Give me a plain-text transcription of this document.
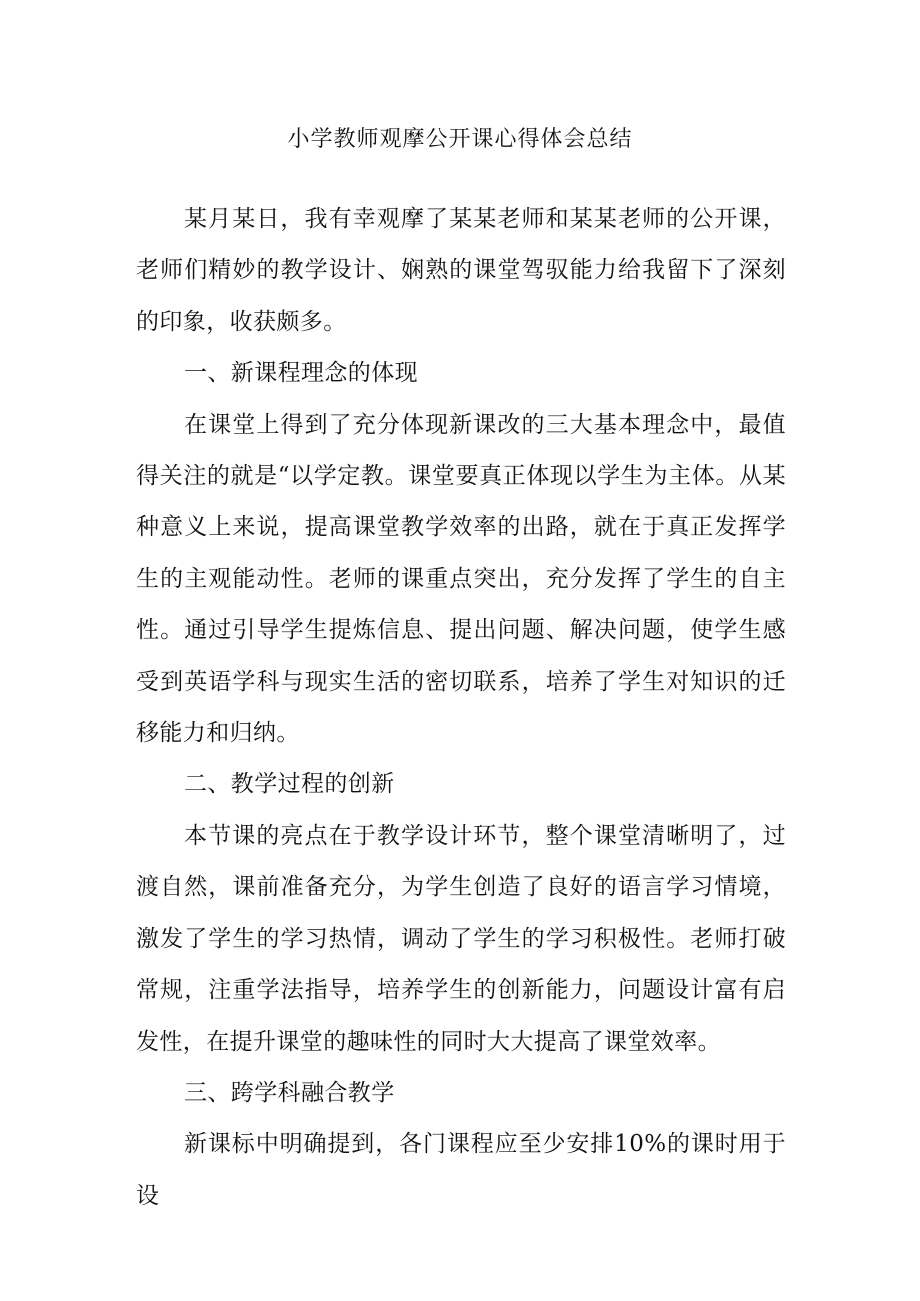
小学教师观摩公开课心得体会总结

某月某日，我有幸观摩了某某老师和某某老师的公开课，老师们精妙的教学设计、娴熟的课堂驾驭能力给我留下了深刻的印象，收获颇多。

一、新课程理念的体现

在课堂上得到了充分体现新课改的三大基本理念中，最值得关注的就是“以学定教。课堂要真正体现以学生为主体。从某种意义上来说，提高课堂教学效率的出路，就在于真正发挥学生的主观能动性。老师的课重点突出，充分发挥了学生的自主性。通过引导学生提炼信息、提出问题、解决问题，使学生感受到英语学科与现实生活的密切联系，培养了学生对知识的迁移能力和归纳。

二、教学过程的创新

本节课的亮点在于教学设计环节，整个课堂清晰明了，过渡自然，课前准备充分，为学生创造了良好的语言学习情境，激发了学生的学习热情，调动了学生的学习积极性。老师打破常规，注重学法指导，培养学生的创新能力，问题设计富有启发性，在提升课堂的趣味性的同时大大提高了课堂效率。

三、跨学科融合教学

新课标中明确提到，各门课程应至少安排10%的课时用于设
